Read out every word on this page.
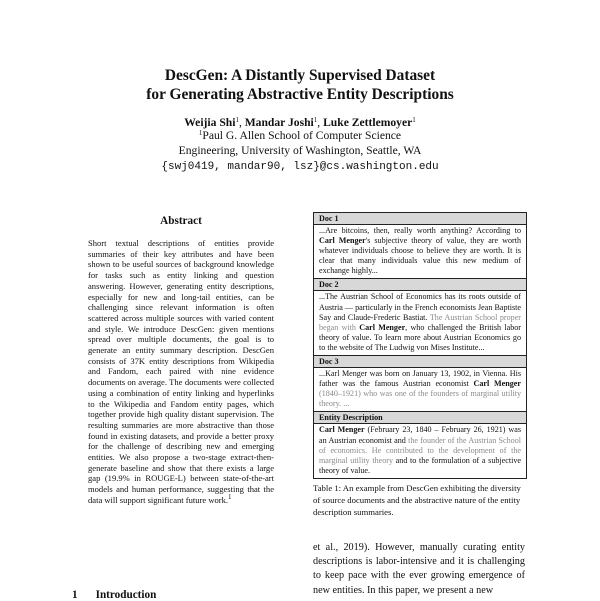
DescGen: A Distantly Supervised Dataset
for Generating Abstractive Entity Descriptions
Weijia Shi$^1$, Mandar Joshi$^1$, Luke Zettlemoyer$^1$
$^1$Paul G. Allen School of Computer Science
Engineering, University of Washington, Seattle, WA
{swj0419, mandar90, lsz}@cs.washington.edu
Abstract
Short textual descriptions of entities provide summaries of their key attributes and have been shown to be useful sources of background knowledge for tasks such as entity linking and question answering. However, generating entity descriptions, especially for new and long-tail entities, can be challenging since relevant information is often scattered across multiple sources with varied content and style. We introduce DescGen: given mentions spread over multiple documents, the goal is to generate an entity summary description. DescGen consists of 37K entity descriptions from Wikipedia and Fandom, each paired with nine evidence documents on average. The documents were collected using a combination of entity linking and hyperlinks to the Wikipedia and Fandom entity pages, which together provide high quality distant supervision. The resulting summaries are more abstractive than those found in existing datasets, and provide a better proxy for the challenge of describing new and emerging entities. We also propose a two-stage extract-then-generate baseline and show that there exists a large gap (19.9% in ROUGE-L) between state-of-the-art models and human performance, suggesting that the data will support significant future work.$^1$
1 Introduction
Doc 1
...Are bitcoins, then, really worth anything? According to Carl Menger's subjective theory of value, they are worth whatever individuals choose to believe they are worth. It is clear that many individuals value this new medium of exchange highly...
Doc 2
...The Austrian School of Economics has its roots outside of Austria — particularly in the French economists Jean Baptiste Say and Claude-Frederic Bastiat. The Austrian School proper began with Carl Menger, who challenged the British labor theory of value. To learn more about Austrian Economics go to the website of The Ludwig von Mises Institute...
Doc 3
...Karl Menger was born on January 13, 1902, in Vienna. His father was the famous Austrian economist Carl Menger (1840–1921) who was one of the founders of marginal utility theory. ...
Entity Description
Carl Menger (February 23, 1840 – February 26, 1921) was an Austrian economist and the founder of the Austrian School of economics. He contributed to the development of the marginal utility theory and to the formulation of a subjective theory of value.
Table 1: An example from DescGen exhibiting the diversity of source documents and the abstractive nature of the entity description summaries.
et al., 2019). However, manually curating entity descriptions is labor-intensive and it is challenging to keep pace with the ever growing emergence of new entities. In this paper, we present a new
